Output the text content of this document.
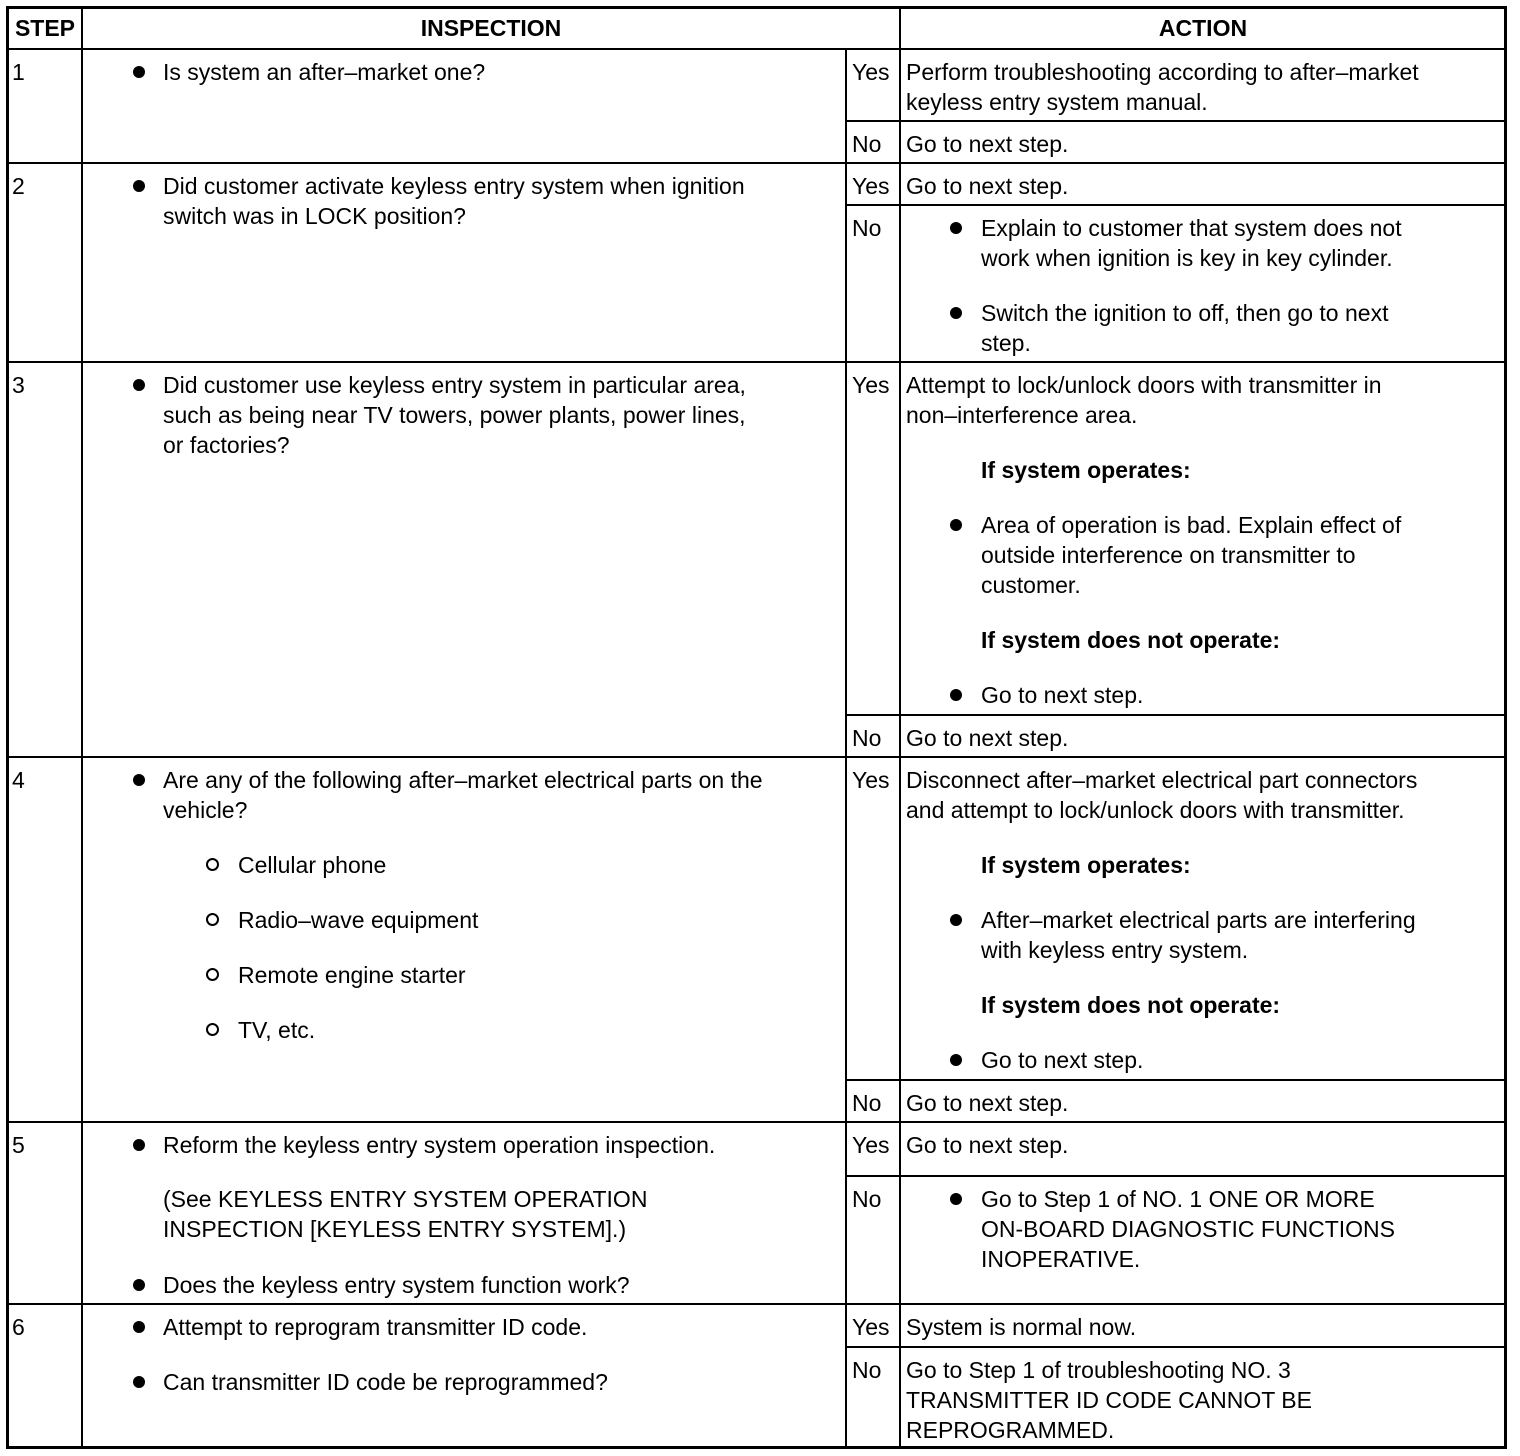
STEP	INSPECTION	ACTION
1	Is system an after–market one?	Yes Perform troubleshooting according to after–market
keyless entry system manual.
No Go to next step.
2	Did customer activate keyless entry system when ignition
switch was in LOCK position?
Yes Go to next step.
No	Explain to customer that system does not
work when ignition is key in key cylinder.
Switch the ignition to off, then go to next
step.
3	Did customer use keyless entry system in particular area,
such as being near TV towers, power plants, power lines,
or factories?
Yes Attempt to lock/unlock doors with transmitter in
non–interference area.
If system operates:
Area of operation is bad. Explain effect of
outside interference on transmitter to
customer.
If system does not operate:
Go to next step.
No Go to next step.
4	Are any of the following after–market electrical parts on the
vehicle?
Cellular phone
Radio–wave equipment
Remote engine starter
TV, etc.
Yes Disconnect after–market electrical part connectors
and attempt to lock/unlock doors with transmitter.
If system operates:
After–market electrical parts are interfering
with keyless entry system.
If system does not operate:
Go to next step.
No Go to next step.
5	Reform the keyless entry system operation inspection.
(See KEYLESS ENTRY SYSTEM OPERATION
INSPECTION [KEYLESS ENTRY SYSTEM].)
Does the keyless entry system function work?
Yes Go to next step.
No	Go to Step 1 of NO. 1 ONE OR MORE
ON-BOARD DIAGNOSTIC FUNCTIONS
INOPERATIVE.
6	Attempt to reprogram transmitter ID code.
Can transmitter ID code be reprogrammed?
Yes System is normal now.
No Go to Step 1 of troubleshooting NO. 3
TRANSMITTER ID CODE CANNOT BE
REPROGRAMMED.
